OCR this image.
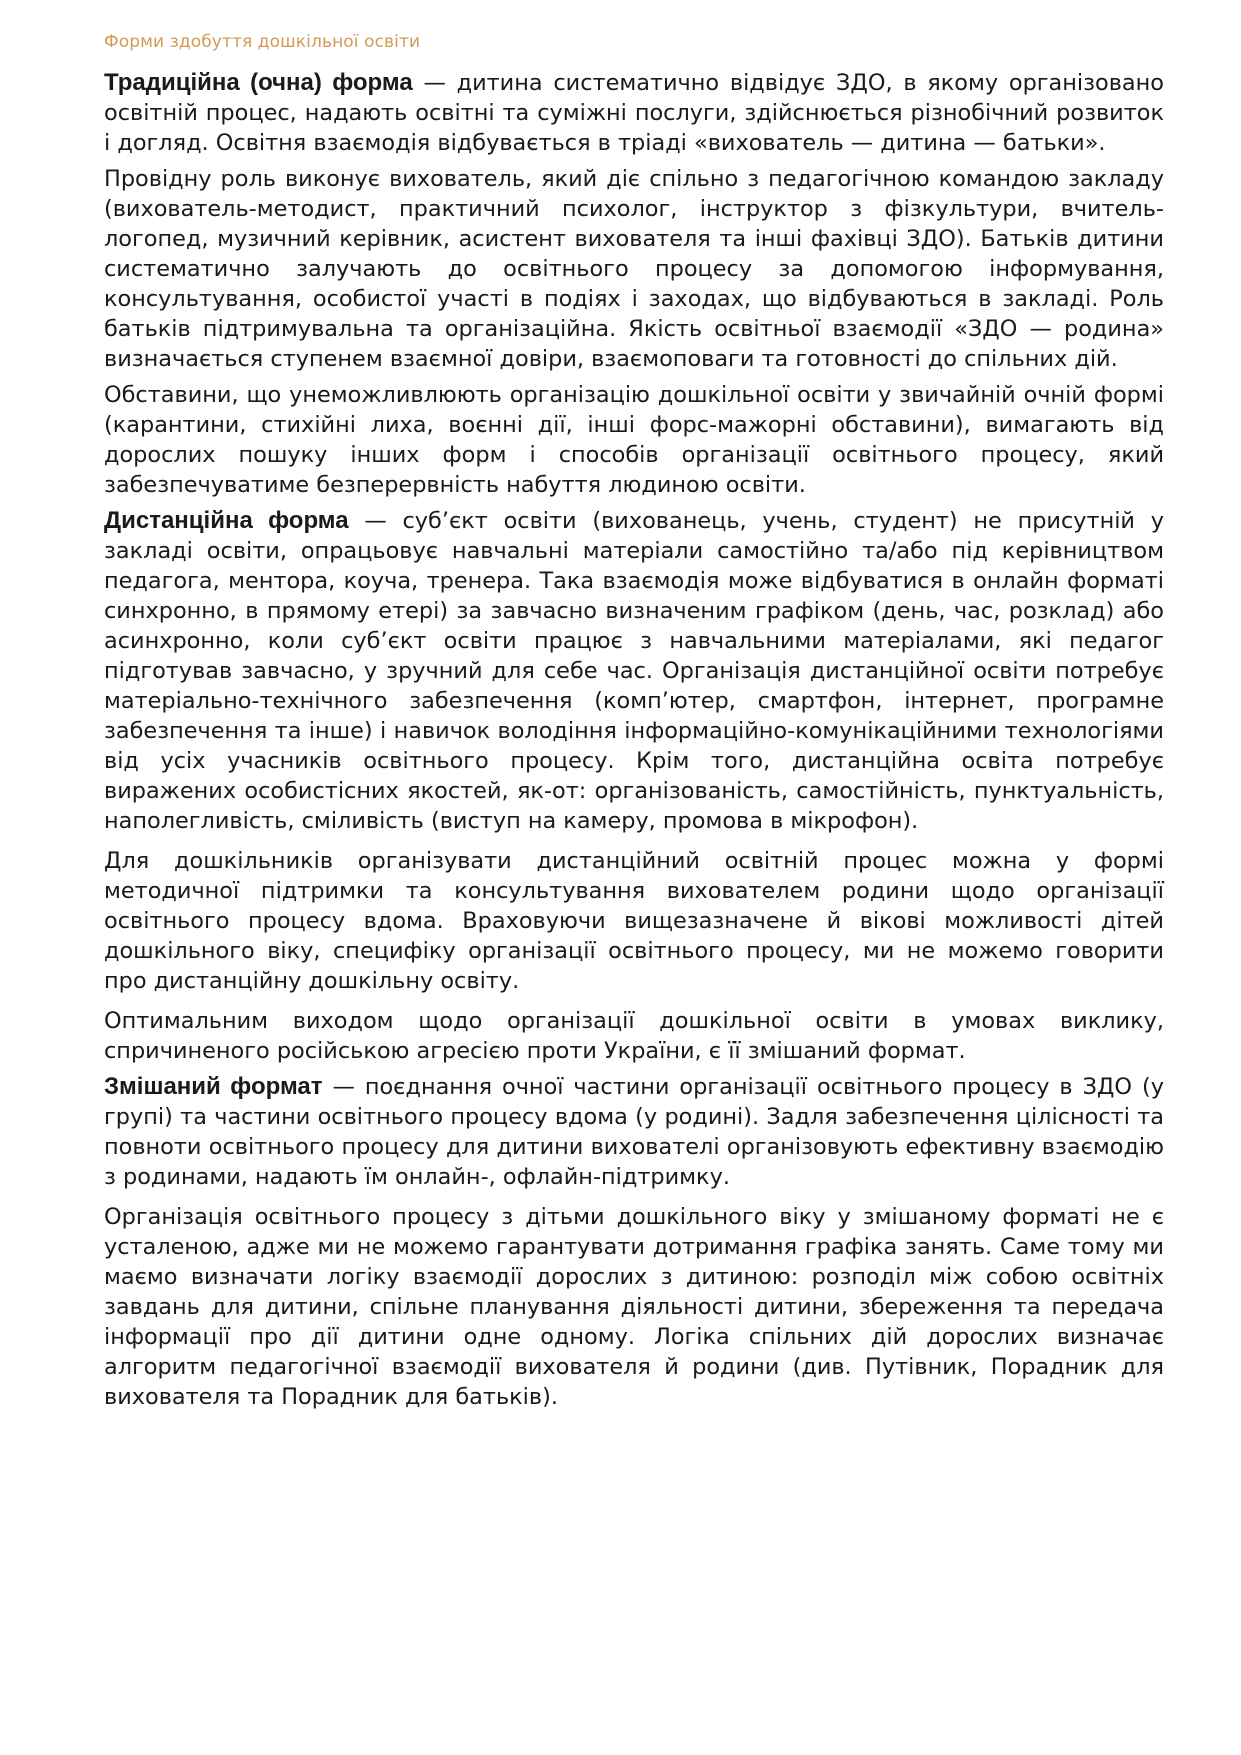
Форми здобуття дошкільної освіти

Традиційна (очна) форма — дитина систематично відвідує ЗДО, в якому організовано освітній процес, надають освітні та суміжні послуги, здійснюється різнобічний розвиток і догляд. Освітня взаємодія відбувається в тріаді «вихователь — дитина — батьки».

Провідну роль виконує вихователь, який діє спільно з педагогічною командою закладу (вихователь-методист, практичний психолог, інструктор з фізкультури, вчитель-логопед, музичний керівник, асистент вихователя та інші фахівці ЗДО). Батьків дитини систематично залучають до освітнього процесу за допомогою інформування, консультування, особистої участі в подіях і заходах, що відбуваються в закладі. Роль батьків підтримувальна та організаційна. Якість освітньої взаємодії «ЗДО — родина» визначається ступенем взаємної довіри, взаємоповаги та готовності до спільних дій.

Обставини, що унеможливлюють організацію дошкільної освіти у звичайній очній формі (карантини, стихійні лиха, воєнні дії, інші форс-мажорні обставини), вимагають від дорослих пошуку інших форм і способів організації освітнього процесу, який забезпечуватиме безперервність набуття людиною освіти.

Дистанційна форма — суб’єкт освіти (вихованець, учень, студент) не присутній у закладі освіти, опрацьовує навчальні матеріали самостійно та/або під керівництвом педагога, ментора, коуча, тренера. Така взаємодія може відбуватися в онлайн форматі синхронно, в прямому етері) за завчасно визначеним графіком (день, час, розклад) або асинхронно, коли суб’єкт освіти працює з навчальними матеріалами, які педагог підготував завчасно, у зручний для себе час. Організація дистанційної освіти потребує матеріально-технічного забезпечення (комп’ютер, смартфон, інтернет, програмне забезпечення та інше) і навичок володіння інформаційно-комунікаційними технологіями від усіх учасників освітнього процесу. Крім того, дистанційна освіта потребує виражених особистісних якостей, як-от: організованість, самостійність, пунктуальність, наполегливість, сміливість (виступ на камеру, промова в мікрофон).

Для дошкільників організувати дистанційний освітній процес можна у формі методичної підтримки та консультування вихователем родини щодо організації освітнього процесу вдома. Враховуючи вищезазначене й вікові можливості дітей дошкільного віку, специфіку організації освітнього процесу, ми не можемо говорити про дистанційну дошкільну освіту.

Оптимальним виходом щодо організації дошкільної освіти в умовах виклику, спричиненого російською агресією проти України, є її змішаний формат.

Змішаний формат — поєднання очної частини організації освітнього процесу в ЗДО (у групі) та частини освітнього процесу вдома (у родині). Задля забезпечення цілісності та повноти освітнього процесу для дитини вихователі організовують ефективну взаємодію з родинами, надають їм онлайн-, офлайн-підтримку.

Організація освітнього процесу з дітьми дошкільного віку у змішаному форматі не є усталеною, адже ми не можемо гарантувати дотримання графіка занять. Саме тому ми маємо визначати логіку взаємодії дорослих з дитиною: розподіл між собою освітніх завдань для дитини, спільне планування діяльності дитини, збереження та передача інформації про дії дитини одне одному. Логіка спільних дій дорослих визначає алгоритм педагогічної взаємодії вихователя й родини (див. Путівник, Порадник для вихователя та Порадник для батьків).
